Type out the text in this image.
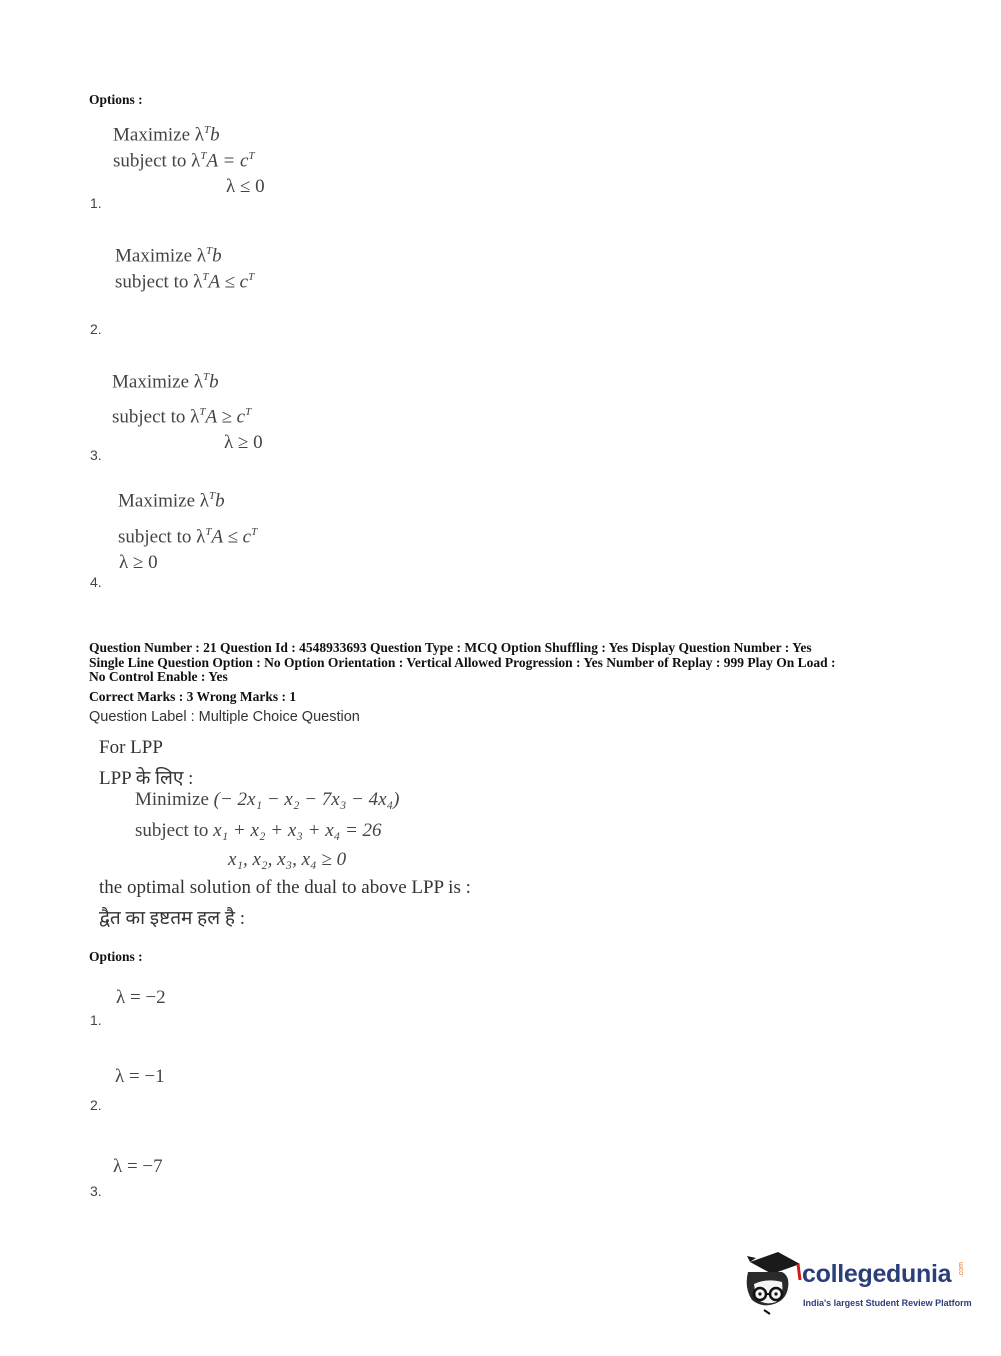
Options :
Maximize $\lambda^Tb$
subject to $\lambda^TA = c^T$
λ ≤ 0
1.
Maximize $\lambda^Tb$
subject to $\lambda^TA \le c^T$
2.
Maximize $\lambda^Tb$
subject to $\lambda^TA \ge c^T$
λ ≥ 0
3.
Maximize $\lambda^Tb$
subject to $\lambda^TA \le c^T$
λ ≥ 0
4.
Question Number : 21 Question Id : 4548933693 Question Type : MCQ Option Shuffling : Yes Display Question Number : Yes
Single Line Question Option : No Option Orientation : Vertical Allowed Progression : Yes Number of Replay : 999 Play On Load :
No Control Enable : Yes
Correct Marks : 3 Wrong Marks : 1
Question Label : Multiple Choice Question
For LPP
LPP के लिए :
Minimize (− 2x₁ − x₂ − 7x₃ − 4x₄)
subject to x₁ + x₂ + x₃ + x₄ = 26
x₁, x₂, x₃, x₄ ≥ 0
the optimal solution of the dual to above LPP is :
द्वैत का इष्टतम हल है :
Options :
λ = −2
1.
λ = −1
2.
λ = −7
3.
collegedunia .com
India's largest Student Review Platform
